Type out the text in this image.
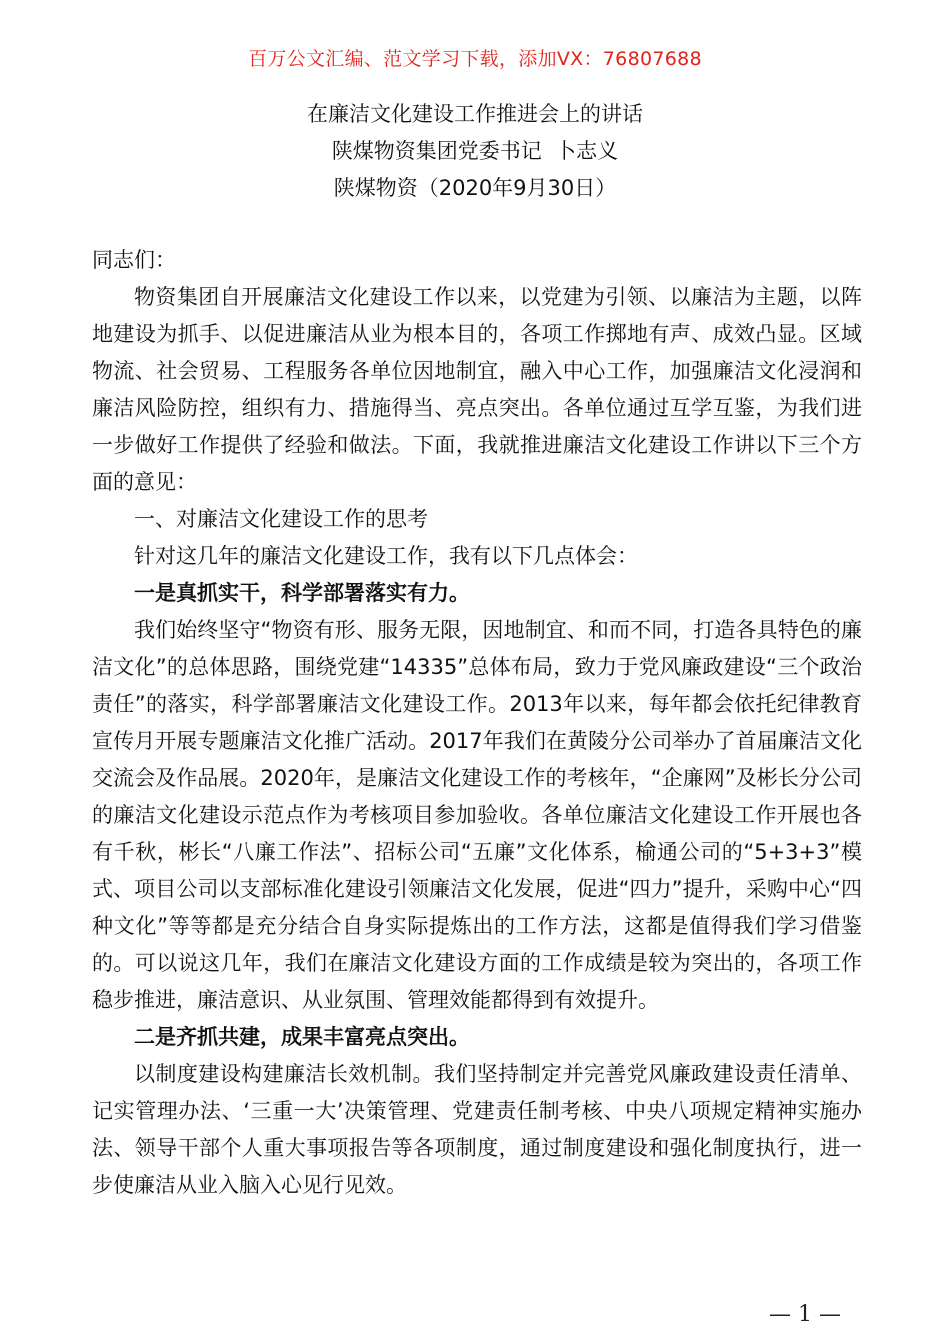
百万公文汇编、范文学习下载，添加VX：76807688
在廉洁文化建设工作推进会上的讲话
陕煤物资集团党委书记  卜志义
陕煤物资（2020年9月30日）

同志们：

物资集团自开展廉洁文化建设工作以来，以党建为引领、以廉洁为主题，以阵地建设为抓手、以促进廉洁从业为根本目的，各项工作掷地有声、成效凸显。区域物流、社会贸易、工程服务各单位因地制宜，融入中心工作，加强廉洁文化浸润和廉洁风险防控，组织有力、措施得当、亮点突出。各单位通过互学互鉴，为我们进一步做好工作提供了经验和做法。下面，我就推进廉洁文化建设工作讲以下三个方面的意见：

一、对廉洁文化建设工作的思考

针对这几年的廉洁文化建设工作，我有以下几点体会：

一是真抓实干，科学部署落实有力。

我们始终坚守“物资有形、服务无限，因地制宜、和而不同，打造各具特色的廉洁文化”的总体思路，围绕党建“14335”总体布局，致力于党风廉政建设“三个政治责任”的落实，科学部署廉洁文化建设工作。2013年以来，每年都会依托纪律教育宣传月开展专题廉洁文化推广活动。2017年我们在黄陵分公司举办了首届廉洁文化交流会及作品展。2020年，是廉洁文化建设工作的考核年，“企廉网”及彬长分公司的廉洁文化建设示范点作为考核项目参加验收。各单位廉洁文化建设工作开展也各有千秋，彬长“八廉工作法”、招标公司“五廉”文化体系，榆通公司的“5+3+3”模式、项目公司以支部标准化建设引领廉洁文化发展，促进“四力”提升，采购中心“四种文化”等等都是充分结合自身实际提炼出的工作方法，这都是值得我们学习借鉴的。可以说这几年，我们在廉洁文化建设方面的工作成绩是较为突出的，各项工作稳步推进，廉洁意识、从业氛围、管理效能都得到有效提升。

二是齐抓共建，成果丰富亮点突出。

以制度建设构建廉洁长效机制。我们坚持制定并完善党风廉政建设责任清单、记实管理办法、‘三重一大’决策管理、党建责任制考核、中央八项规定精神实施办法、领导干部个人重大事项报告等各项制度，通过制度建设和强化制度执行，进一步使廉洁从业入脑入心见行见效。

— 1 —
